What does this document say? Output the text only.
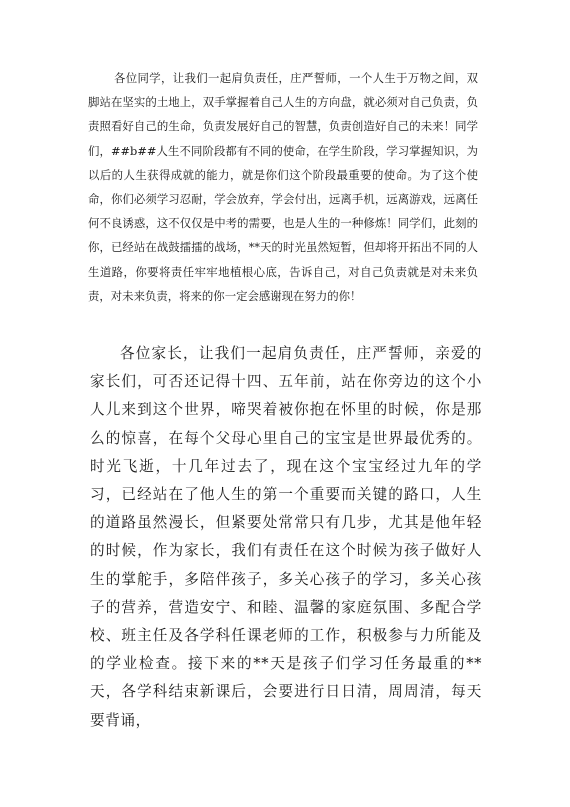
各位同学，让我们一起肩负责任，庄严誓师，一个人生于万物之间，双脚站在坚实的土地上，双手掌握着自己人生的方向盘，就必须对自己负责，负责照看好自己的生命，负责发展好自己的智慧，负责创造好自己的未来！同学们，##b##人生不同阶段都有不同的使命，在学生阶段，学习掌握知识，为以后的人生获得成就的能力，就是你们这个阶段最重要的使命。为了这个使命，你们必须学习忍耐，学会放弃，学会付出，远离手机，远离游戏，远离任何不良诱惑，这不仅仅是中考的需要，也是人生的一种修炼！同学们，此刻的你，已经站在战鼓擂擂的战场，**天的时光虽然短暂，但却将开拓出不同的人生道路，你要将责任牢牢地植根心底，告诉自己，对自己负责就是对未来负责，对未来负责，将来的你一定会感谢现在努力的你！

各位家长，让我们一起肩负责任，庄严誓师，亲爱的家长们，可否还记得十四、五年前，站在你旁边的这个小人儿来到这个世界，啼哭着被你抱在怀里的时候，你是那么的惊喜，在每个父母心里自己的宝宝是世界最优秀的。时光飞逝，十几年过去了，现在这个宝宝经过九年的学习，已经站在了他人生的第一个重要而关键的路口，人生的道路虽然漫长，但紧要处常常只有几步，尤其是他年轻的时候，作为家长，我们有责任在这个时候为孩子做好人生的掌舵手，多陪伴孩子，多关心孩子的学习，多关心孩子的营养，营造安宁、和睦、温馨的家庭氛围、多配合学校、班主任及各学科任课老师的工作，积极参与力所能及的学业检查。接下来的**天是孩子们学习任务最重的**天，各学科结束新课后，会要进行日日清，周周清，每天要背诵，
